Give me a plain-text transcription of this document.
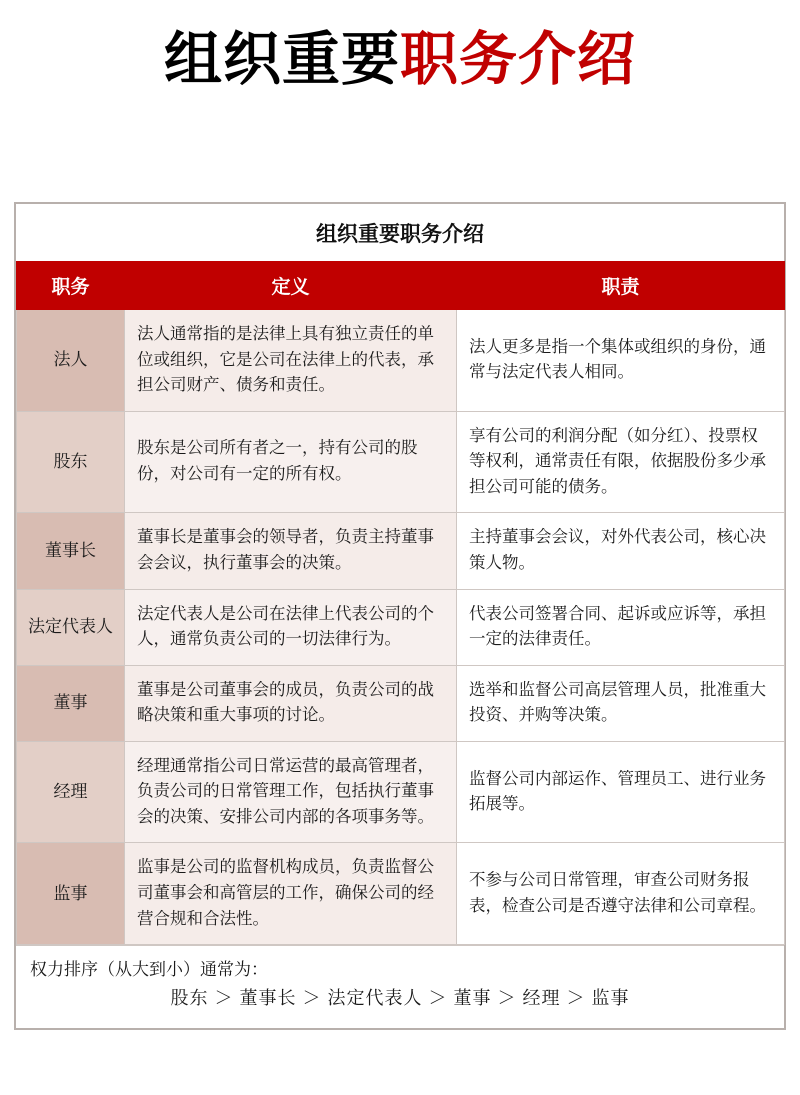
组织重要职务介绍
组织重要职务介绍
职务	定义	职责
法人	法人通常指的是法律上具有独立责任的单位或组织，它是公司在法律上的代表，承担公司财产、债务和责任。	法人更多是指一个集体或组织的身份，通常与法定代表人相同。
股东	股东是公司所有者之一，持有公司的股份，对公司有一定的所有权。	享有公司的利润分配（如分红）、投票权等权利，通常责任有限，依据股份多少承担公司可能的债务。
董事长	董事长是董事会的领导者，负责主持董事会会议，执行董事会的决策。	主持董事会会议，对外代表公司，核心决策人物。
法定代表人	法定代表人是公司在法律上代表公司的个人，通常负责公司的一切法律行为。	代表公司签署合同、起诉或应诉等，承担一定的法律责任。
董事	董事是公司董事会的成员，负责公司的战略决策和重大事项的讨论。	选举和监督公司高层管理人员，批准重大投资、并购等决策。
经理	经理通常指公司日常运营的最高管理者，负责公司的日常管理工作，包括执行董事会的决策、安排公司内部的各项事务等。	监督公司内部运作、管理员工、进行业务拓展等。
监事	监事是公司的监督机构成员，负责监督公司董事会和高管层的工作，确保公司的经营合规和合法性。	不参与公司日常管理，审查公司财务报表，检查公司是否遵守法律和公司章程。
权力排序（从大到小）通常为：
股东 ＞ 董事长 ＞ 法定代表人 ＞ 董事 ＞ 经理 ＞ 监事
